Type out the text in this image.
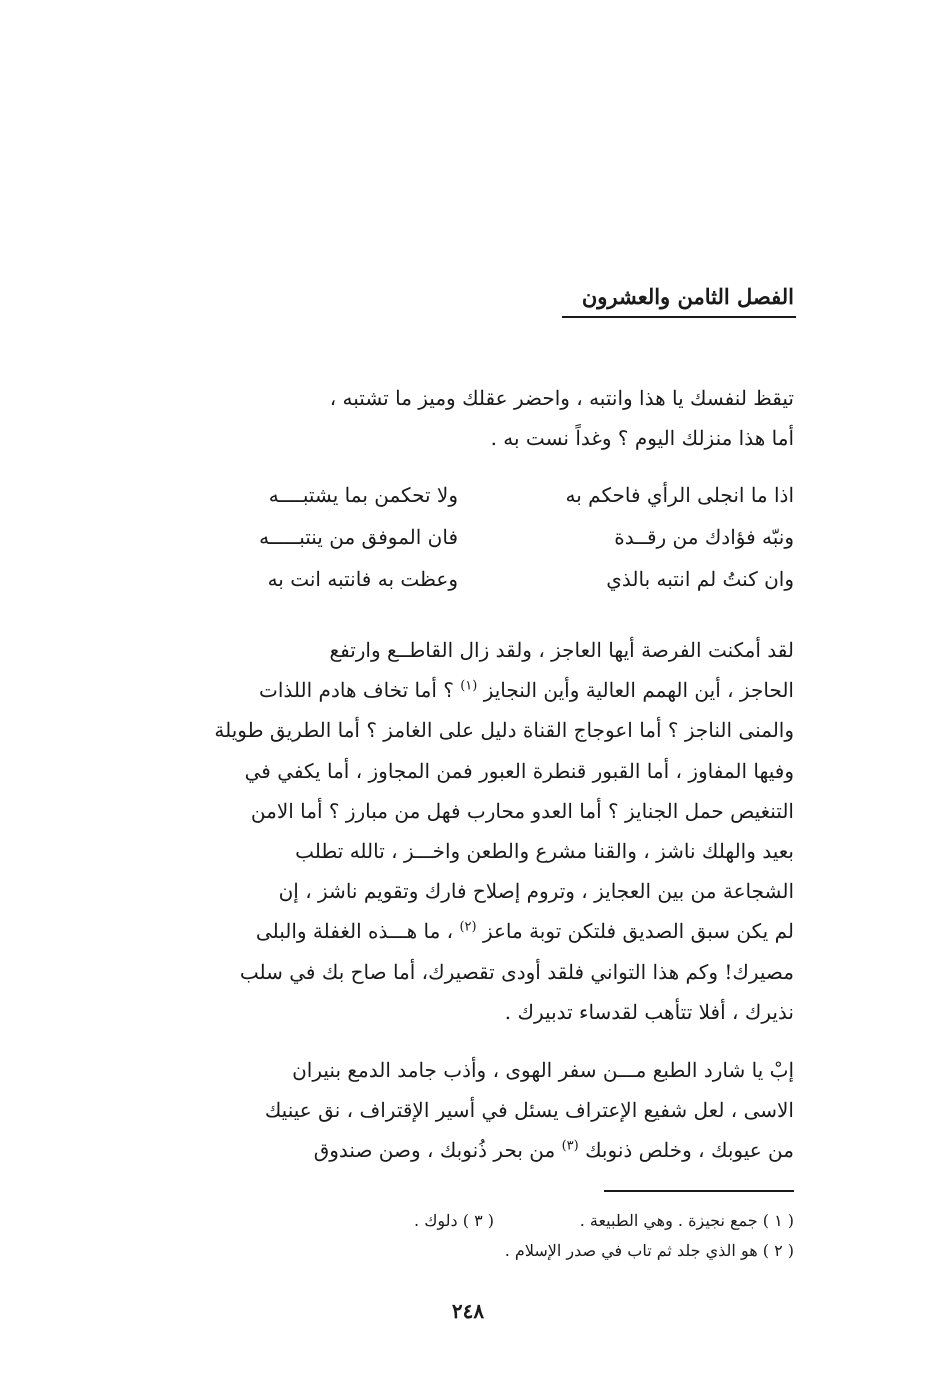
الفصل الثامن والعشرون
تيقظ لنفسك يا هذا وانتبه ، واحضر عقلك وميز ما تشتبه ،
أما هذا منزلك اليوم ؟ وغداً نست به .
اذا ما انجلى الرأي فاحكم به
ولا تحكمن بما يشتبــــه
ونبّه فؤادك من رقــدة
فان الموفق من ينتبـــــه
وان كنتُ لم انتبه بالذي
وعظت به فانتبه انت به
لقد أمكنت الفرصة أيها العاجز ، ولقد زال القاطــع وارتفع
الحاجز ، أين الهمم العالية وأين النجايز $^{(١)}$ ؟ أما تخاف هادم اللذات
والمنى الناجز ؟ أما اعوجاج القناة دليل على الغامز ؟ أما الطريق طويلة
وفيها المفاوز ، أما القبور قنطرة العبور فمن المجاوز ، أما يكفي في
التنغيص حمل الجنايز ؟ أما العدو محارب فهل من مبارز ؟ أما الامن
بعيد والهلك ناشز ، والقنا مشرع والطعن واخـــز ، تالله تطلب
الشجاعة من بين العجايز ، وتروم إصلاح فارك وتقويم ناشز ، إن
لم يكن سبق الصديق فلتكن توبة ماعز $^{(٢)}$ ، ما هـــذه الغفلة والبلى
مصيرك! وكم هذا التواني فلقد أودى تقصيرك، أما صاح بك في سلب
نذيرك ، أفلا تتأهب لقدساء تدبيرك .
إبْ يا شارد الطبع مـــن سفر الهوى ، وأذب جامد الدمع بنيران
الاسى ، لعل شفيع الإعتراف يسئل في أسير الإقتراف ، نق عينيك
من عيوبك ، وخلص ذنوبك $^{(٣)}$ من بحر ذُنوبك ، وصن صندوق
( ١ ) جمع نجيزة . وهي الطبيعة .
( ٣ ) دلوك .
( ٢ ) هو الذي جلد ثم تاب في صدر الإسلام .
٢٤٨
